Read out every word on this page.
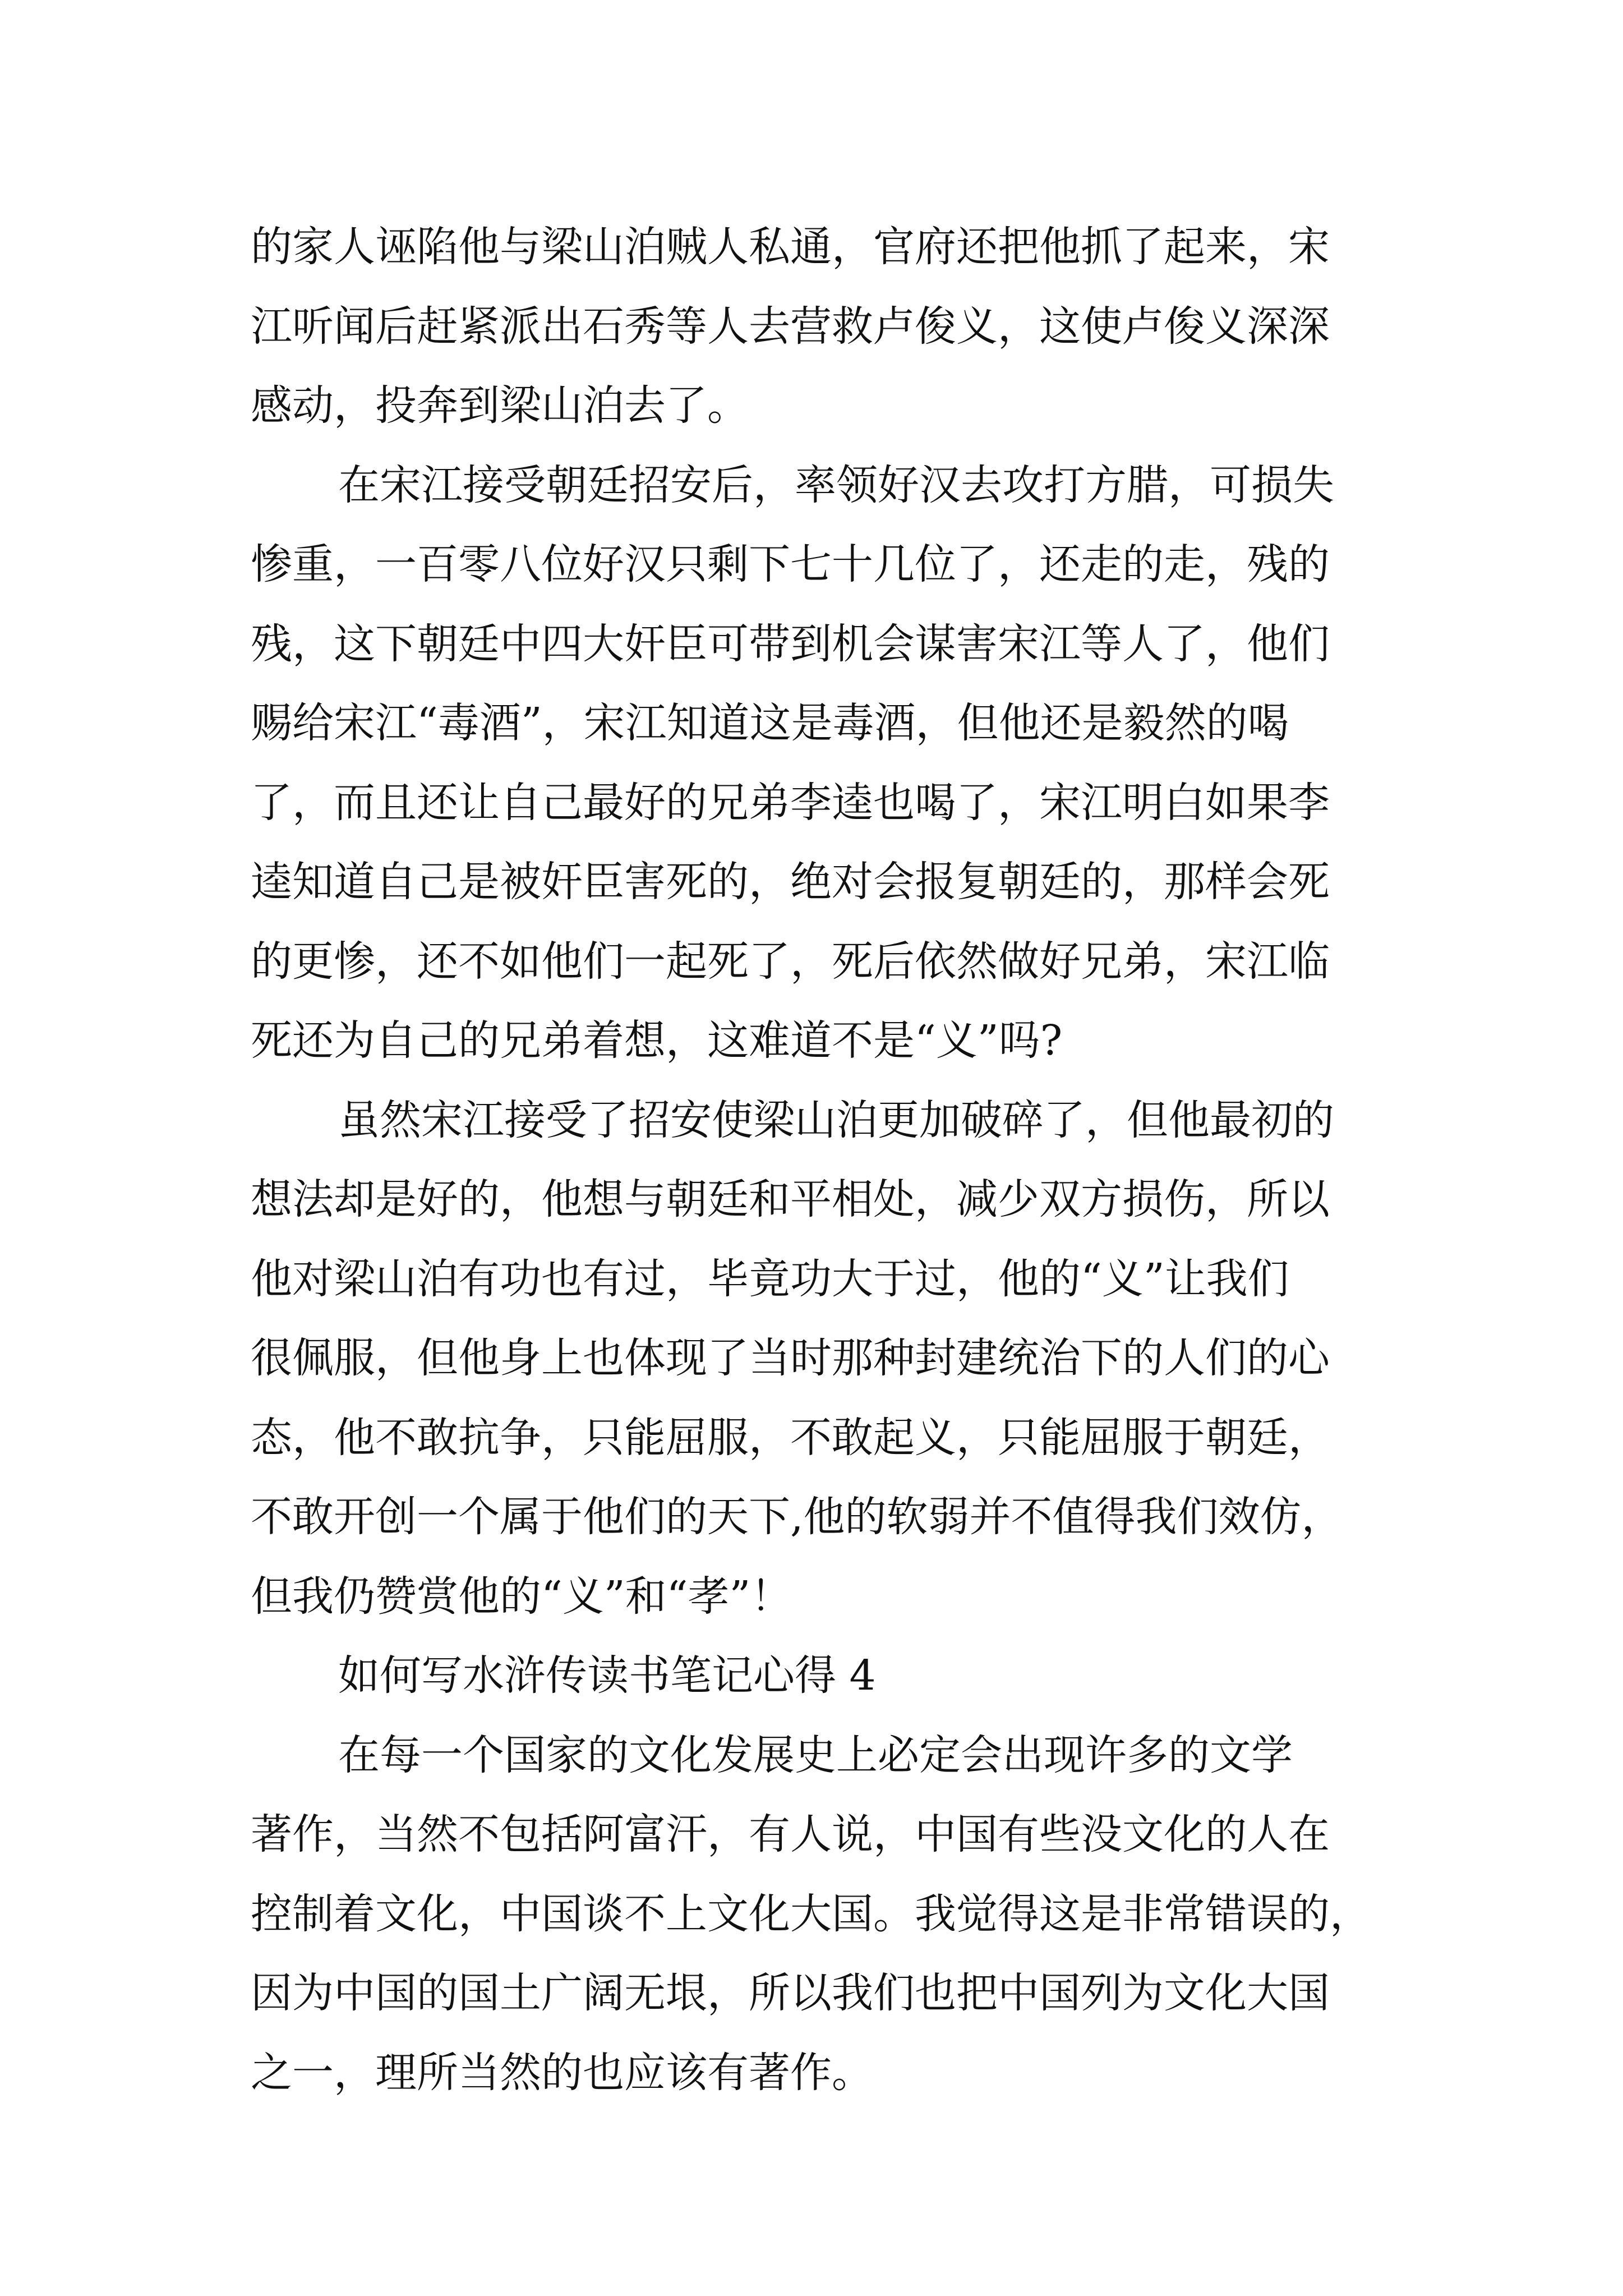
的家人诬陷他与梁山泊贼人私通，官府还把他抓了起来，宋
江听闻后赶紧派出石秀等人去营救卢俊义，这使卢俊义深深
感动，投奔到梁山泊去了。
在宋江接受朝廷招安后，率领好汉去攻打方腊，可损失
惨重，一百零八位好汉只剩下七十几位了，还走的走，残的
残，这下朝廷中四大奸臣可带到机会谋害宋江等人了，他们
赐给宋江“毒酒”，宋江知道这是毒酒，但他还是毅然的喝
了，而且还让自己最好的兄弟李逵也喝了，宋江明白如果李
逵知道自己是被奸臣害死的，绝对会报复朝廷的，那样会死
的更惨，还不如他们一起死了，死后依然做好兄弟，宋江临
死还为自己的兄弟着想，这难道不是“义”吗?
虽然宋江接受了招安使梁山泊更加破碎了，但他最初的
想法却是好的，他想与朝廷和平相处，减少双方损伤，所以
他对梁山泊有功也有过，毕竟功大于过，他的“义”让我们
很佩服，但他身上也体现了当时那种封建统治下的人们的心
态，他不敢抗争，只能屈服，不敢起义，只能屈服于朝廷，
不敢开创一个属于他们的天下,他的软弱并不值得我们效仿，
但我仍赞赏他的“义”和“孝”！
如何写水浒传读书笔记心得 4
在每一个国家的文化发展史上必定会出现许多的文学
著作，当然不包括阿富汗，有人说，中国有些没文化的人在
控制着文化，中国谈不上文化大国。我觉得这是非常错误的，
因为中国的国土广阔无垠，所以我们也把中国列为文化大国
之一，理所当然的也应该有著作。
